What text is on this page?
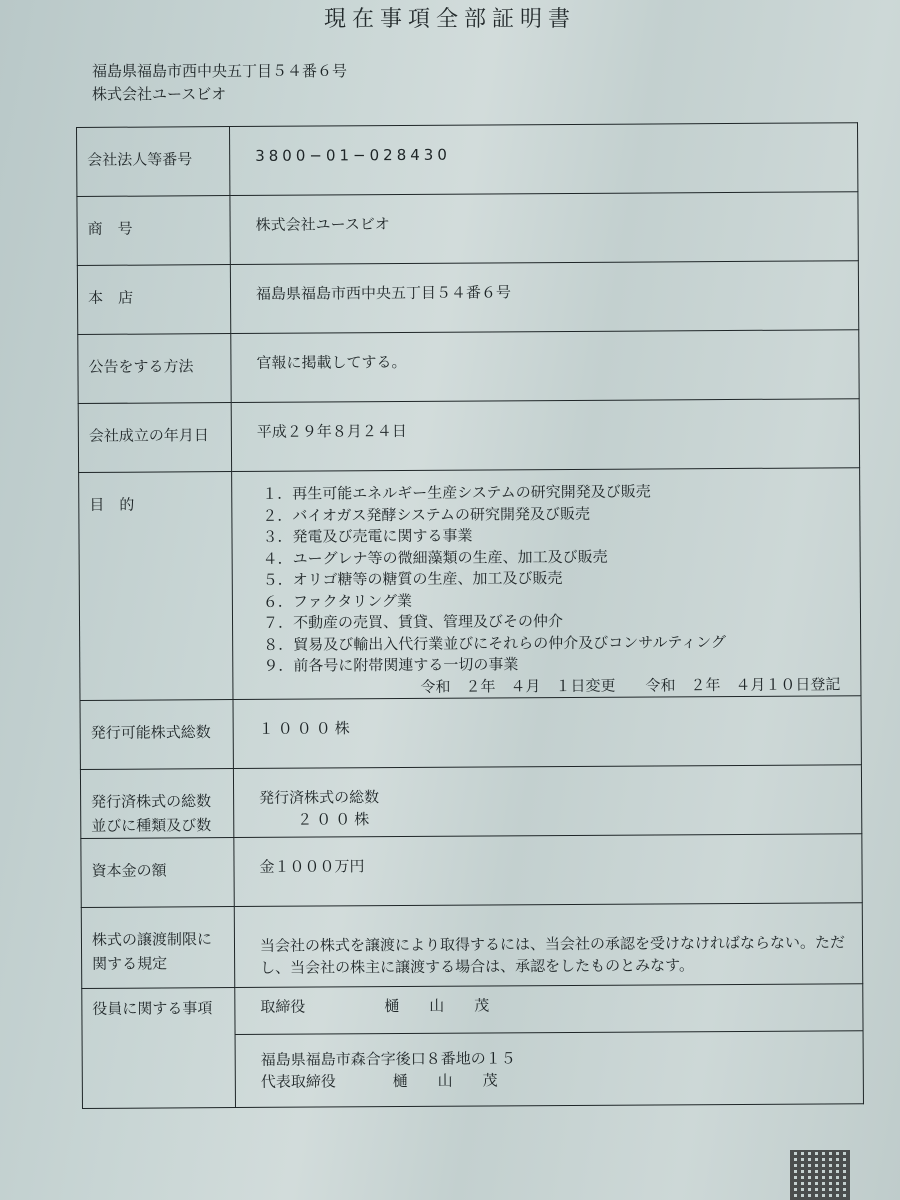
現在事項全部証明書
福島県福島市西中央五丁目５４番６号
株式会社ユースビオ
会社法人等番号	3800−01−028430
商　号	株式会社ユースビオ
本　店	福島県福島市西中央五丁目５４番６号
公告をする方法	官報に掲載してする。
会社成立の年月日	平成２９年８月２４日
目　的	
１．再生可能エネルギー生産システムの研究開発及び販売
２．バイオガス発酵システムの研究開発及び販売
３．発電及び売電に関する事業
４．ユーグレナ等の微細藻類の生産、加工及び販売
５．オリゴ糖等の糖質の生産、加工及び販売
６．ファクタリング業
７．不動産の売買、賃貸、管理及びその仲介
８．貿易及び輸出入代行業並びにそれらの仲介及びコンサルティング
９．前各号に附帯関連する一切の事業
令和　２年　４月　１日変更　　令和　２年　４月１０日登記

発行可能株式総数	１０００株
発行済株式の総数並びに種類及び数	発行済株式の総数
２００株

資本金の額	金１０００万円
株式の譲渡制限に関する規定	当会社の株式を譲渡により取得するには、当会社の承認を受けなければならない。ただし、当会社の株主に譲渡する場合は、承認をしたものとみなす。
役員に関する事項	取締役 樋　　山　　茂
福島県福島市森合字後口８番地の１５
代表取締役 樋　　山　　茂
